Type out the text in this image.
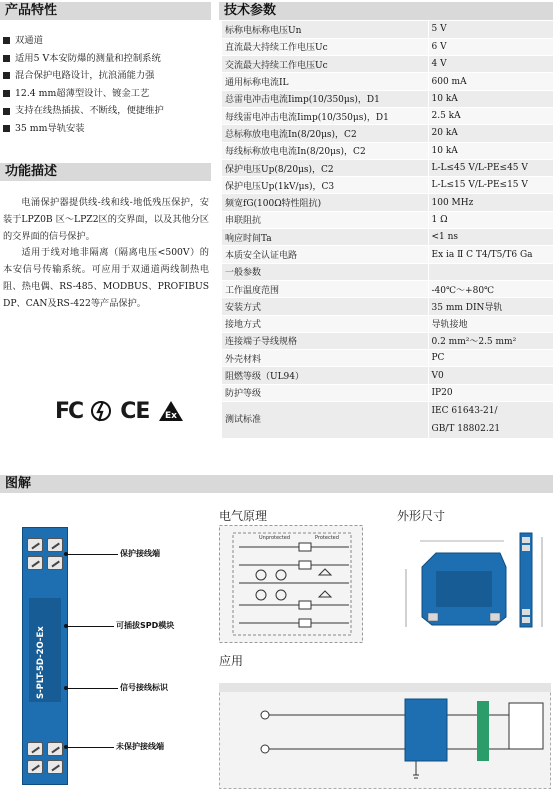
产品特性
双通道
适用5 V本安防爆的测量和控制系统
混合保护电路设计，抗浪涌能力强
12.4 mm超薄型设计、镀金工艺
支持在线热插拔、不断线，便捷维护
35 mm导轨安装
功能描述

电涌保护器提供线-线和线-地低残压保护，安装于LPZ0B 区～LPZ2区的交界面，以及其他分区的交界面的信号保护。

适用于线对地非隔离（隔离电压<500V）的本安信号传输系统。可应用于双通道两线制热电阻、热电偶、RS-485、MODBUS、PROFIBUS DP、CAN及RS-422等产品保护。

FC CE Ex
技术参数
标称电标称电压Un	5 V
直流最大持续工作电压Uc	6 V
交流最大持续工作电压Uc	4 V
通用标称电流IL	600 mA
总雷电冲击电流Iimp(10/350μs)，D1	10 kA
每线雷电冲击电流Iimp(10/350μs)，D1	2.5 kA
总标称放电电流In(8/20μs)，C2	20 kA
每线标称放电电流In(8/20μs)，C2	10 kA
保护电压Up(8/20μs)，C2	L-L≤45 V/L-PE≤45 V
保护电压Up(1kV/μs)，C3	L-L≤15 V/L-PE≤15 V
频宽fG(100Ω特性阻抗)	100 MHz
串联阻抗	1 Ω
响应时间Ta	<1 ns
本质安全认证电路	Ex ia Ⅱ C T4/T5/T6 Ga
一般参数	
工作温度范围	-40℃～+80℃
安装方式	35 mm DIN导轨
接地方式	导轨接地
连接端子导线规格	0.2 mm²～2.5 mm²
外壳材料	PC
阻燃等级（UL94）	V0
防护等级	IP20
测试标准	IEC 61643-21/
GB/T 18802.21
图解
S-PLT-5D-2O-Ex
保护接线端
可插拔SPD模块
信号接线标识
未保护接线端
电气原理	外形尺寸
应用
Unprotected	Protected
